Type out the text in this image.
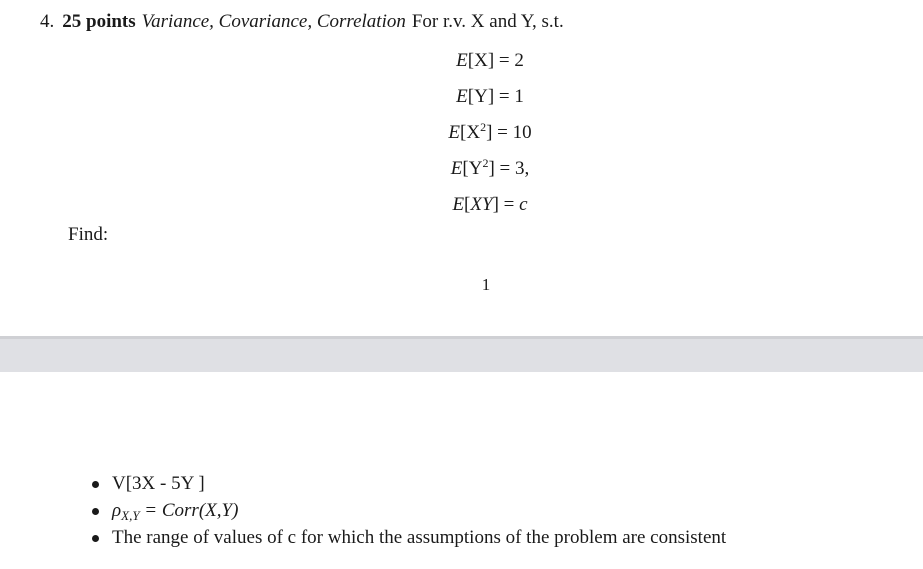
4. 25 points Variance, Covariance, Correlation For r.v. X and Y, s.t.
E[X] = 2
E[Y] = 1
$E[X^2] = 10$
$E[Y^2] = 3$,
E[XY] = c
Find:
1
V[3X - 5Y ]
$\rho_{X,Y}$ = Corr(X,Y)
The range of values of c for which the assumptions of the problem are consistent
